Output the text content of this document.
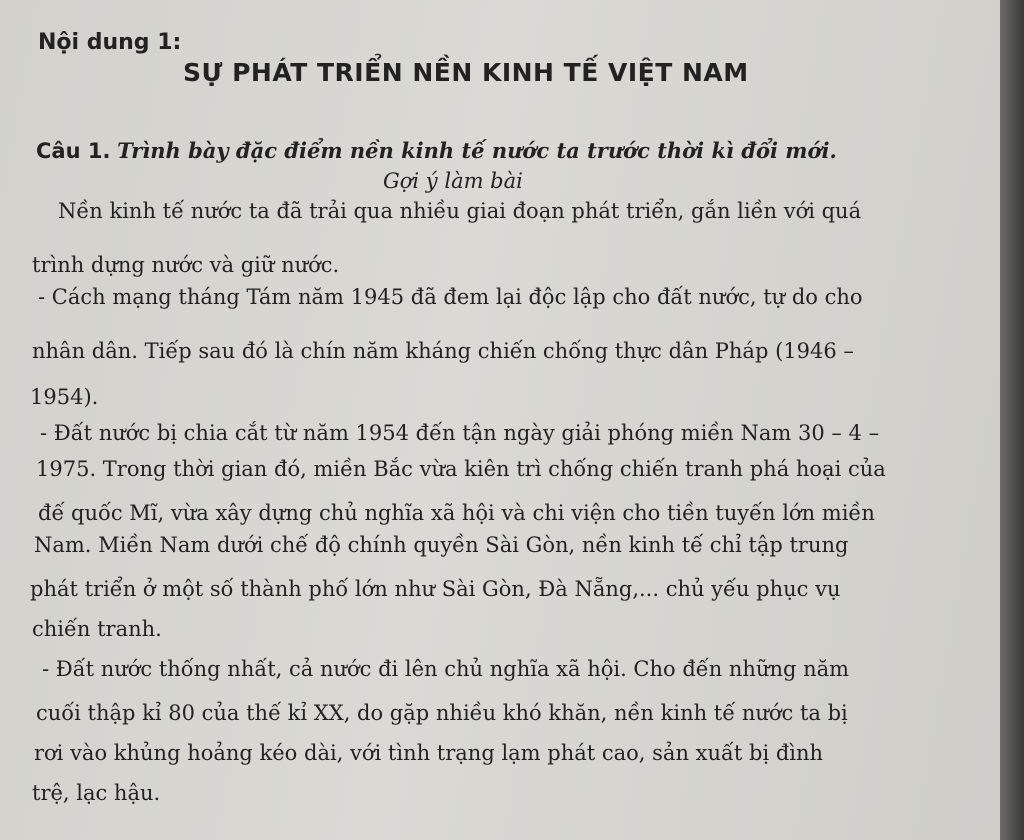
Nội dung 1:
SỰ PHÁT TRIỂN NỀN KINH TẾ VIỆT NAM
Câu 1. Trình bày đặc điểm nền kinh tế nước ta trước thời kì đổi mới.
Gợi ý làm bài
Nền kinh tế nước ta đã trải qua nhiều giai đoạn phát triển, gắn liền với quá
trình dựng nước và giữ nước.
- Cách mạng tháng Tám năm 1945 đã đem lại độc lập cho đất nước, tự do cho
nhân dân. Tiếp sau đó là chín năm kháng chiến chống thực dân Pháp (1946 –
1954).
- Đất nước bị chia cắt từ năm 1954 đến tận ngày giải phóng miền Nam 30 – 4 –
1975. Trong thời gian đó, miền Bắc vừa kiên trì chống chiến tranh phá hoại của
đế quốc Mĩ, vừa xây dựng chủ nghĩa xã hội và chi viện cho tiền tuyến lớn miền
Nam. Miền Nam dưới chế độ chính quyền Sài Gòn, nền kinh tế chỉ tập trung
phát triển ở một số thành phố lớn như Sài Gòn, Đà Nẵng,... chủ yếu phục vụ
chiến tranh.
- Đất nước thống nhất, cả nước đi lên chủ nghĩa xã hội. Cho đến những năm
cuối thập kỉ 80 của thế kỉ XX, do gặp nhiều khó khăn, nền kinh tế nước ta bị
rơi vào khủng hoảng kéo dài, với tình trạng lạm phát cao, sản xuất bị đình
trệ, lạc hậu.
